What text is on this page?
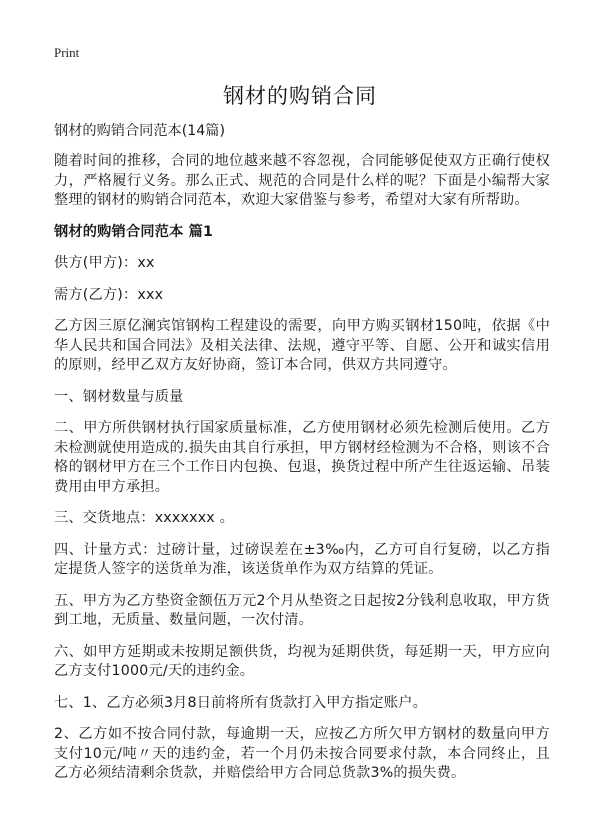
Print
钢材的购销合同

钢材的购销合同范本(14篇)

随着时间的推移，合同的地位越来越不容忽视，合同能够促使双方正确行使权力，严格履行义务。那么正式、规范的合同是什么样的呢？下面是小编帮大家整理的钢材的购销合同范本，欢迎大家借鉴与参考，希望对大家有所帮助。

钢材的购销合同范本 篇1

供方(甲方)：xx

需方(乙方)：xxx

乙方因三原亿澜宾馆钢构工程建设的需要，向甲方购买钢材150吨，依据《中华人民共和国合同法》及相关法律、法规，遵守平等、自愿、公开和诚实信用的原则，经甲乙双方友好协商，签订本合同，供双方共同遵守。

一、钢材数量与质量

二、甲方所供钢材执行国家质量标准，乙方使用钢材必须先检测后使用。乙方未检测就使用造成的.损失由其自行承担，甲方钢材经检测为不合格，则该不合格的钢材甲方在三个工作日内包换、包退，换货过程中所产生往返运输、吊装费用由甲方承担。

三、交货地点：xxxxxxx 。

四、计量方式：过磅计量，过磅误差在±3‰内，乙方可自行复磅，以乙方指定提货人签字的送货单为准，该送货单作为双方结算的凭证。

五、甲方为乙方垫资金额伍万元2个月从垫资之日起按2分钱利息收取，甲方货到工地，无质量、数量问题，一次付清。

六、如甲方延期或未按期足额供货，均视为延期供货，每延期一天，甲方应向乙方支付1000元/天的违约金。

七、1、乙方必须3月8日前将所有货款打入甲方指定账户。

2、乙方如不按合同付款，每逾期一天，应按乙方所欠甲方钢材的数量向甲方支付10元/吨〃天的违约金，若一个月仍未按合同要求付款，本合同终止，且乙方必须结清剩余货款，并赔偿给甲方合同总货款3%的损失费。
